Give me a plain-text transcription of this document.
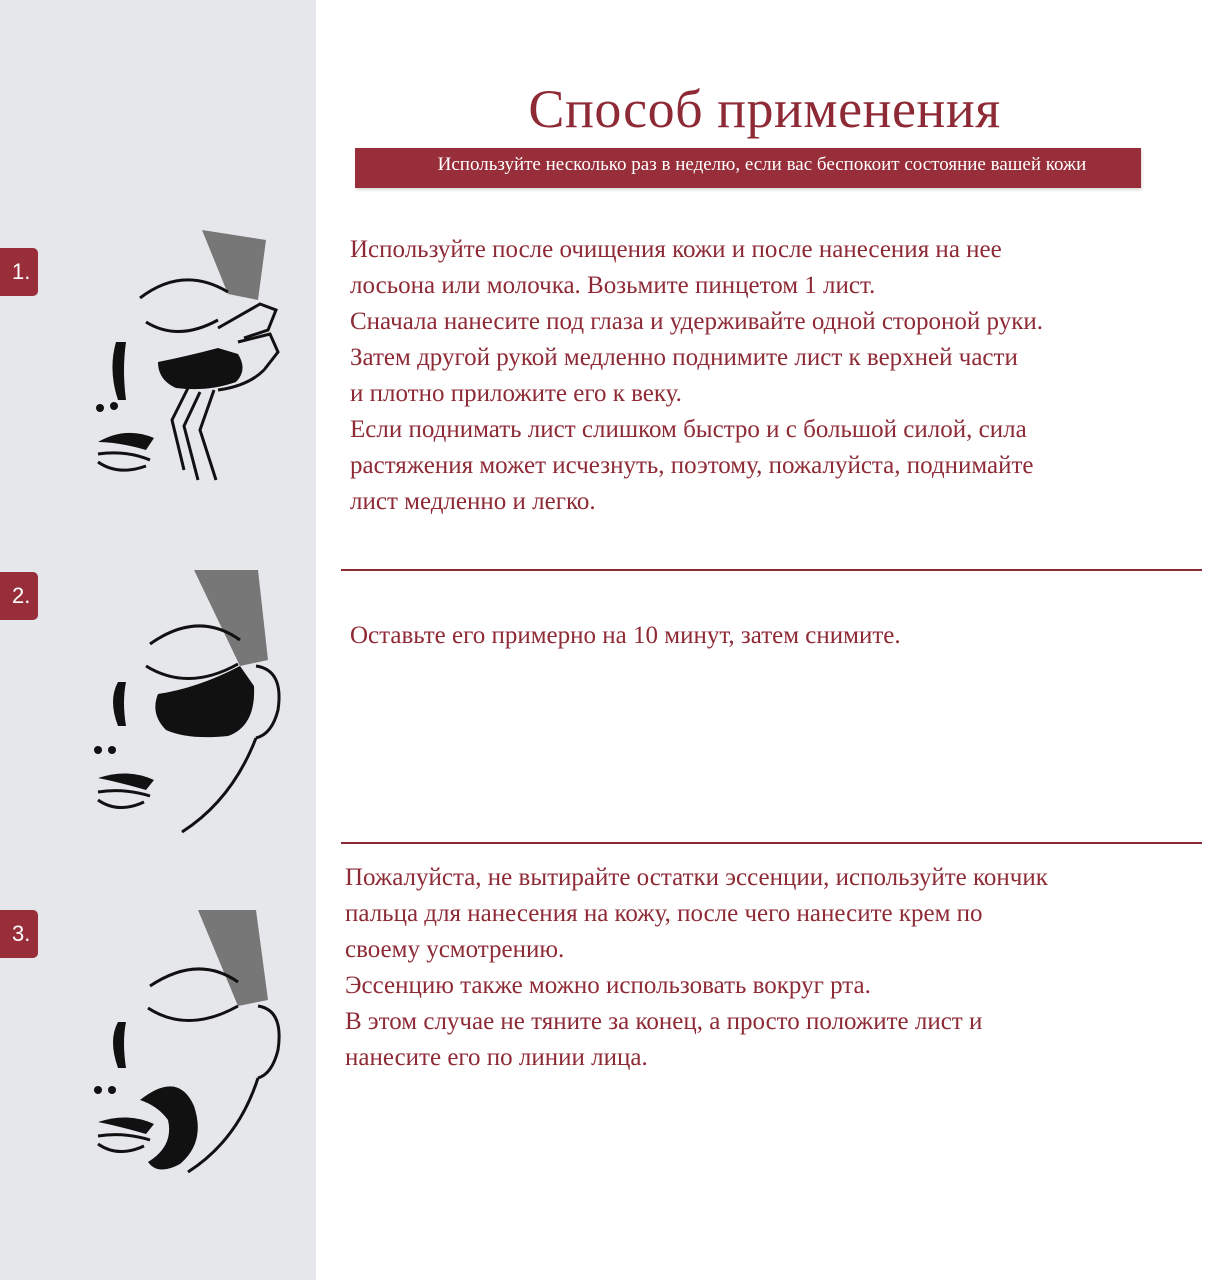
Способ применения
Используйте несколько раз в неделю, если вас беспокоит состояние вашей кожи
1.

Используйте после очищения кожи и после нанесения на нее

лосьона или молочка. Возьмите пинцетом 1 лист.

Сначала нанесите под глаза и удерживайте одной стороной руки.

Затем другой рукой медленно поднимите лист к верхней части

и плотно приложите его к веку.

Если поднимать лист слишком быстро и с большой силой, сила

растяжения может исчезнуть, поэтому, пожалуйста, поднимайте

лист медленно и легко.

2.

Оставьте его примерно на 10 минут, затем снимите.

3.

Пожалуйста, не вытирайте остатки эссенции, используйте кончик

пальца для нанесения на кожу, после чего нанесите крем по

своему усмотрению.

Эссенцию также можно использовать вокруг рта.

В этом случае не тяните за конец, а просто положите лист и

нанесите его по линии лица.
